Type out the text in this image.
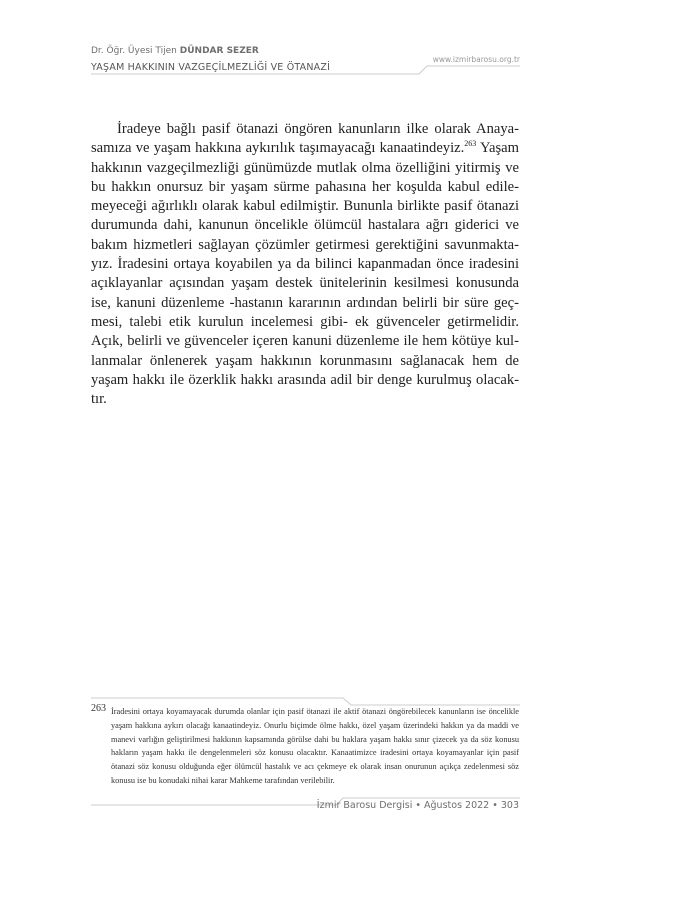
Dr. Öğr. Üyesi Tijen DÜNDAR SEZER
YAŞAM HAKKININ VAZGEÇİLMEZLİĞİ VE ÖTANAZİ
www.izmirbarosu.org.tr

İradeye bağlı pasif ötanazi öngören kanunların ilke olarak Anayasamıza ve yaşam hakkına aykırılık taşımayacağı kanaatindeyiz.$^{263}$ Yaşam hakkının vazgeçilmezliği günümüzde mutlak olma özelliğini yitirmiş ve bu hakkın onursuz bir yaşam sürme pahasına her koşulda kabul edilemeyeceği ağırlıklı olarak kabul edilmiştir. Bununla birlikte pasif ötanazi durumunda dahi, kanunun öncelikle ölümcül hastalara ağrı giderici ve bakım hizmetleri sağlayan çözümler getirmesi gerektiğini savunmaktayız. İradesini ortaya koyabilen ya da bilinci kapanmadan önce iradesini açıklayanlar açısından yaşam destek ünitelerinin kesilmesi konusunda ise, kanuni düzenleme -hastanın kararının ardından belirli bir süre geçmesi, talebi etik kurulun incelemesi gibi- ek güvenceler getirmelidir. Açık, belirli ve güvenceler içeren kanuni düzenleme ile hem kötüye kullanmalar önlenerek yaşam hakkının korunmasını sağlanacak hem de yaşam hakkı ile özerklik hakkı arasında adil bir denge kurulmuş olacaktır.

263 İradesini ortaya koyamayacak durumda olanlar için pasif ötanazi ile aktif ötanazi öngörebilecek kanunların ise öncelikle yaşam hakkına aykırı olacağı kanaatindeyiz. Onurlu biçimde ölme hakkı, özel yaşam üzerindeki hakkın ya da maddi ve manevi varlığın geliştirilmesi hakkının kapsamında görülse dahi bu haklara yaşam hakkı sınır çizecek ya da söz konusu hakların yaşam hakkı ile dengelenmeleri söz konusu olacaktır. Kanaatimizce iradesini ortaya koyamayanlar için pasif ötanazi söz konusu olduğunda eğer ölümcül hastalık ve acı çekmeye ek olarak insan onurunun açıkça zedelenmesi söz konusu ise bu konudaki nihai karar Mahkeme tarafından verilebilir.
İzmir Barosu Dergisi • Ağustos 2022 • 303
